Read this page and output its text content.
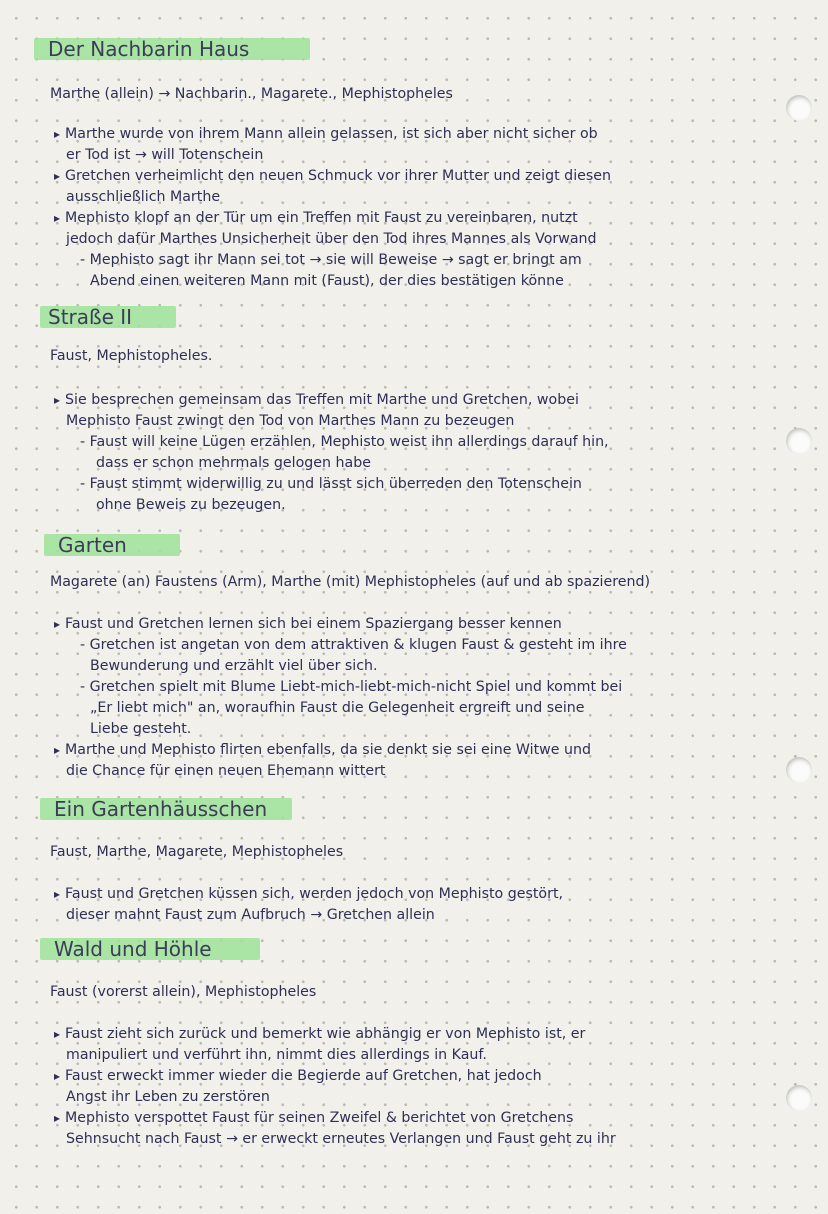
Der Nachbarin Haus
Marthe (allein) → Nachbarin., Magarete., Mephistopheles
▸ Marthe wurde von ihrem Mann allein gelassen, ist sich aber nicht sicher ob
er Tod ist → will Totenschein
▸ Gretchen verheimlicht den neuen Schmuck vor ihrer Mutter und zeigt diesen
ausschließlich Marthe
▸ Mephisto klopf an der Tür um ein Treffen mit Faust zu vereinbaren, nutzt
jedoch dafür Marthes Unsicherheit über den Tod ihres Mannes als Vorwand
- Mephisto sagt ihr Mann sei tot → sie will Beweise → sagt er bringt am
Abend einen weiteren Mann mit (Faust), der dies bestätigen könne
Straße II
Faust, Mephistopheles.
▸ Sie besprechen gemeinsam das Treffen mit Marthe und Gretchen, wobei
Mephisto Faust zwingt den Tod von Marthes Mann zu bezeugen
- Faust will keine Lügen erzählen, Mephisto weist ihn allerdings darauf hin,
dass er schon mehrmals gelogen habe
- Faust stimmt widerwillig zu und lässt sich überreden den Totenschein
ohne Beweis zu bezeugen.
Garten
Magarete (an) Faustens (Arm), Marthe (mit) Mephistopheles (auf und ab spazierend)
▸ Faust und Gretchen lernen sich bei einem Spaziergang besser kennen
- Gretchen ist angetan von dem attraktiven & klugen Faust & gesteht im ihre
Bewunderung und erzählt viel über sich.
- Gretchen spielt mit Blume Liebt-mich-liebt-mich-nicht Spiel und kommt bei
„Er liebt mich" an, woraufhin Faust die Gelegenheit ergreift und seine
Liebe gesteht.
▸ Marthe und Mephisto flirten ebenfalls, da sie denkt sie sei eine Witwe und
die Chance für einen neuen Ehemann wittert
Ein Gartenhäusschen
Faust, Marthe, Magarete, Mephistopheles
▸ Faust und Gretchen küssen sich, werden jedoch von Mephisto gestört,
dieser mahnt Faust zum Aufbruch → Gretchen allein
Wald und Höhle
Faust (vorerst allein), Mephistopheles
▸ Faust zieht sich zurück und bemerkt wie abhängig er von Mephisto ist, er
manipuliert und verführt ihn, nimmt dies allerdings in Kauf.
▸ Faust erweckt immer wieder die Begierde auf Gretchen, hat jedoch
Angst ihr Leben zu zerstören
▸ Mephisto verspottet Faust für seinen Zweifel & berichtet von Gretchens
Sehnsucht nach Faust → er erweckt erneutes Verlangen und Faust geht zu ihr
